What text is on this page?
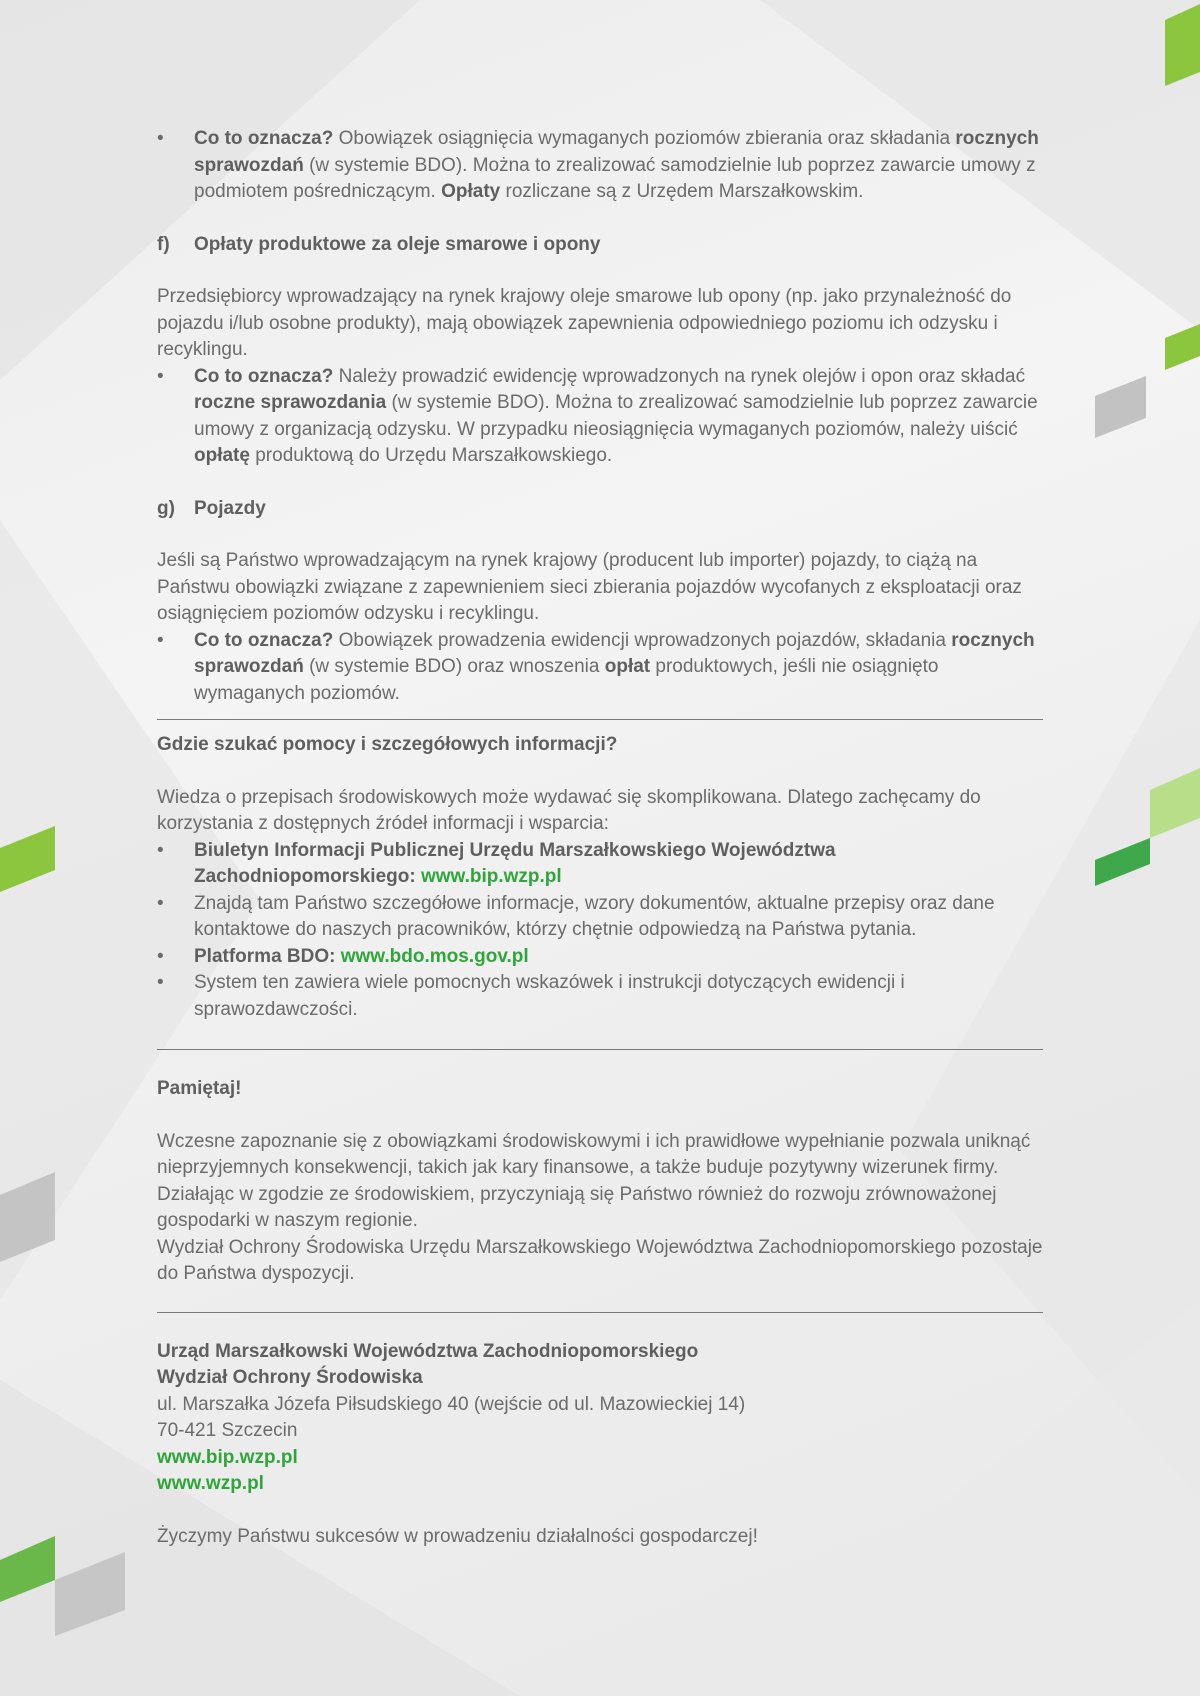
• Co to oznacza? Obowiązek osiągnięcia wymaganych poziomów zbierania oraz składania rocznych sprawozdań (w systemie BDO). Można to zrealizować samodzielnie lub poprzez zawarcie umowy z podmiotem pośredniczącym. Opłaty rozliczane są z Urzędem Marszałkowskim.

f) Opłaty produktowe za oleje smarowe i opony

Przedsiębiorcy wprowadzający na rynek krajowy oleje smarowe lub opony (np. jako przynależność do pojazdu i/lub osobne produkty), mają obowiązek zapewnienia odpowiedniego poziomu ich odzysku i recyklingu.

• Co to oznacza? Należy prowadzić ewidencję wprowadzonych na rynek olejów i opon oraz składać roczne sprawozdania (w systemie BDO). Można to zrealizować samodzielnie lub poprzez zawarcie umowy z organizacją odzysku. W przypadku nieosiągnięcia wymaganych poziomów, należy uiścić opłatę produktową do Urzędu Marszałkowskiego.

g) Pojazdy

Jeśli są Państwo wprowadzającym na rynek krajowy (producent lub importer) pojazdy, to ciążą na Państwu obowiązki związane z zapewnieniem sieci zbierania pojazdów wycofanych z eksploatacji oraz osiągnięciem poziomów odzysku i recyklingu.

• Co to oznacza? Obowiązek prowadzenia ewidencji wprowadzonych pojazdów, składania rocznych sprawozdań (w systemie BDO) oraz wnoszenia opłat produktowych, jeśli nie osiągnięto wymaganych poziomów.

Gdzie szukać pomocy i szczegółowych informacji?

Wiedza o przepisach środowiskowych może wydawać się skomplikowana. Dlatego zachęcamy do korzystania z dostępnych źródeł informacji i wsparcia:

• Biuletyn Informacji Publicznej Urzędu Marszałkowskiego Województwa Zachodniopomorskiego: www.bip.wzp.pl
• Znajdą tam Państwo szczegółowe informacje, wzory dokumentów, aktualne przepisy oraz dane kontaktowe do naszych pracowników, którzy chętnie odpowiedzą na Państwa pytania.
• Platforma BDO: www.bdo.mos.gov.pl
• System ten zawiera wiele pomocnych wskazówek i instrukcji dotyczących ewidencji i sprawozdawczości.

Pamiętaj!

Wczesne zapoznanie się z obowiązkami środowiskowymi i ich prawidłowe wypełnianie pozwala uniknąć nieprzyjemnych konsekwencji, takich jak kary finansowe, a także buduje pozytywny wizerunek firmy. Działając w zgodzie ze środowiskiem, przyczyniają się Państwo również do rozwoju zrównoważonej gospodarki w naszym regionie.

Wydział Ochrony Środowiska Urzędu Marszałkowskiego Województwa Zachodniopomorskiego pozostaje do Państwa dyspozycji.

Urząd Marszałkowski Województwa Zachodniopomorskiego

Wydział Ochrony Środowiska

ul. Marszałka Józefa Piłsudskiego 40 (wejście od ul. Mazowieckiej 14)

70-421 Szczecin

www.bip.wzp.pl

www.wzp.pl

Życzymy Państwu sukcesów w prowadzeniu działalności gospodarczej!
